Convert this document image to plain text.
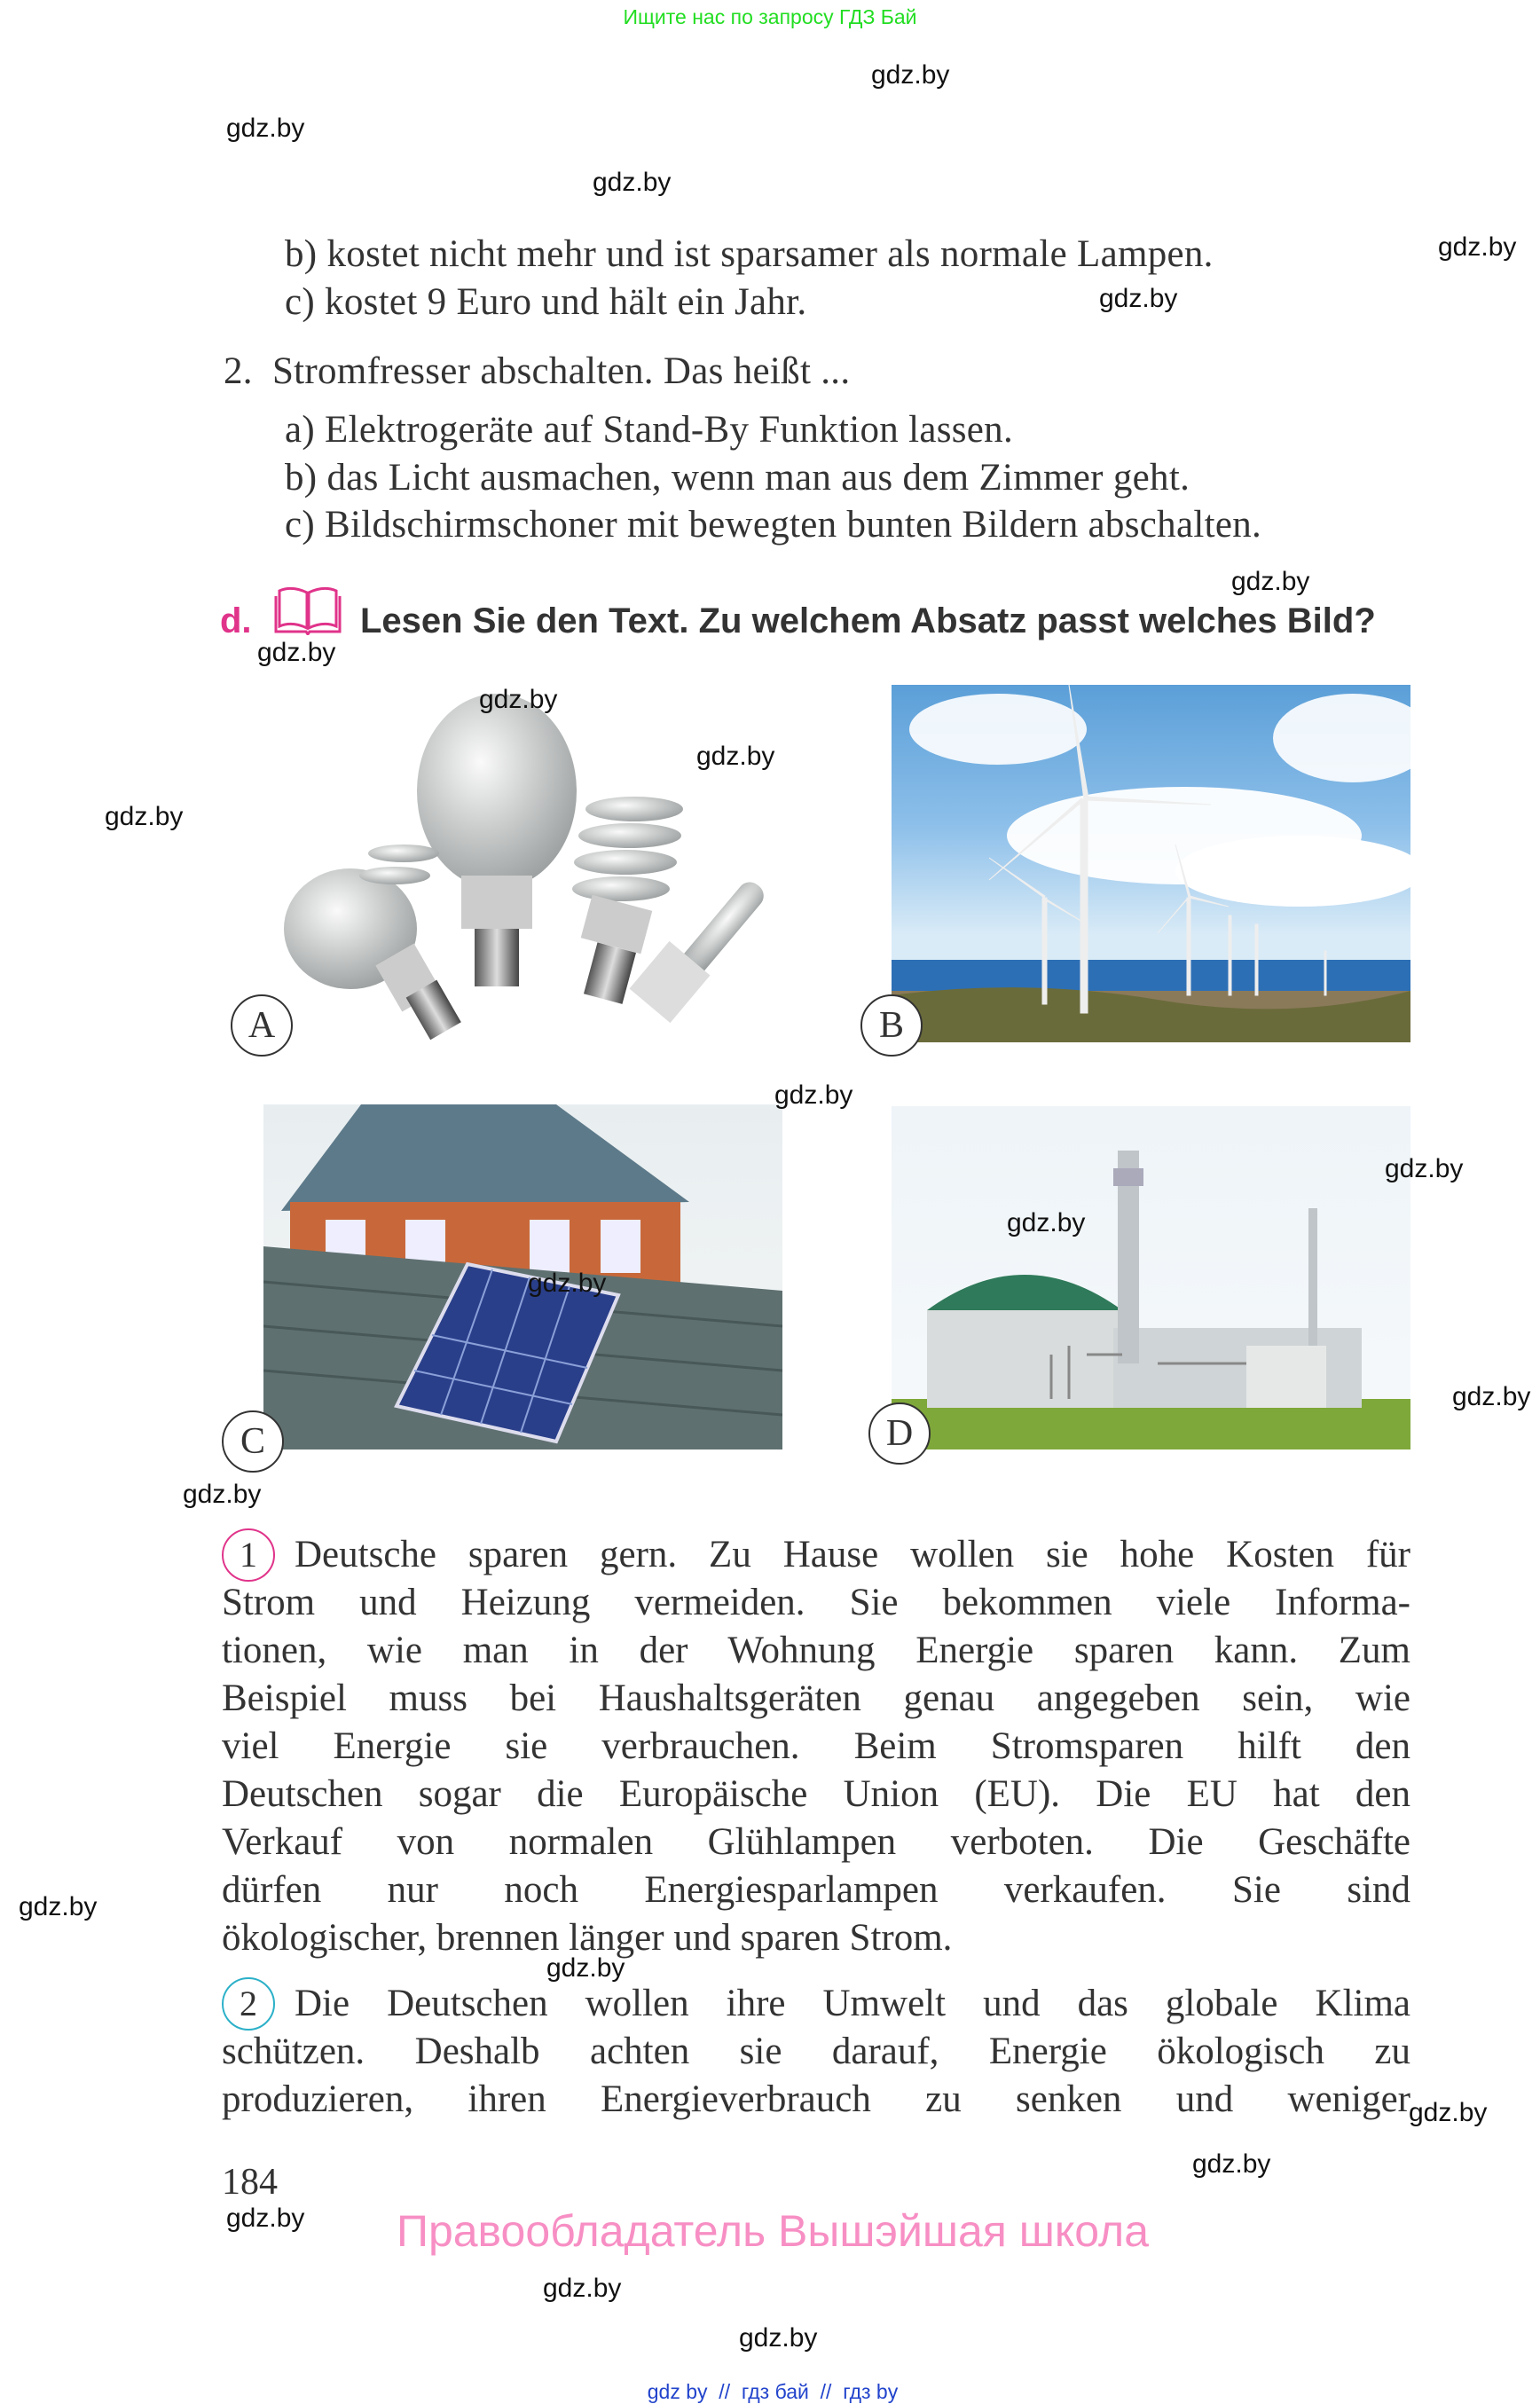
Ищите нас по запросу ГДЗ Бай
b) kostet nicht mehr und ist sparsamer als normale Lampen.
c) kostet 9 Euro und hält ein Jahr.
2.  Stromfresser abschalten. Das heißt ...
a) Elektrogeräte auf Stand-By Funktion lassen.
b) das Licht ausmachen, wenn man aus dem Zimmer geht.
c) Bildschirmschoner mit bewegten bunten Bildern abschalten.
d.	Lesen Sie den Text. Zu welchem Absatz passt welches Bild?
A	B
C	D
1 Deutsche sparen gern. Zu Hause wollen sie hohe Kosten für
Strom und Heizung vermeiden. Sie bekommen viele Informa-
tionen, wie man in der Wohnung Energie sparen kann. Zum
Beispiel muss bei Haushaltsgeräten genau angegeben sein, wie
viel Energie sie verbrauchen. Beim Stromsparen hilft den
Deutschen sogar die Europäische Union (EU). Die EU hat den
Verkauf von normalen Glühlampen verboten. Die Geschäfte
dürfen nur noch Energiesparlampen verkaufen. Sie sind
ökologischer, brennen länger und sparen Strom.
2 Die Deutschen wollen ihre Umwelt und das globale Klima
schützen. Deshalb achten sie darauf, Energie ökologisch zu
produzieren, ihren Energieverbrauch zu senken und weniger
184
Правообладатель Вышэйшая школа
gdz by  //  гдз бай  //  гдз by
gdz.by
gdz.by
gdz.by
gdz.by
gdz.by
gdz.by
gdz.by
gdz.by
gdz.by
gdz.by
gdz.by
gdz.by
gdz.by
gdz.by
gdz.by
gdz.by
gdz.by
gdz.by
gdz.by
gdz.by
gdz.by
gdz.by
gdz.by
